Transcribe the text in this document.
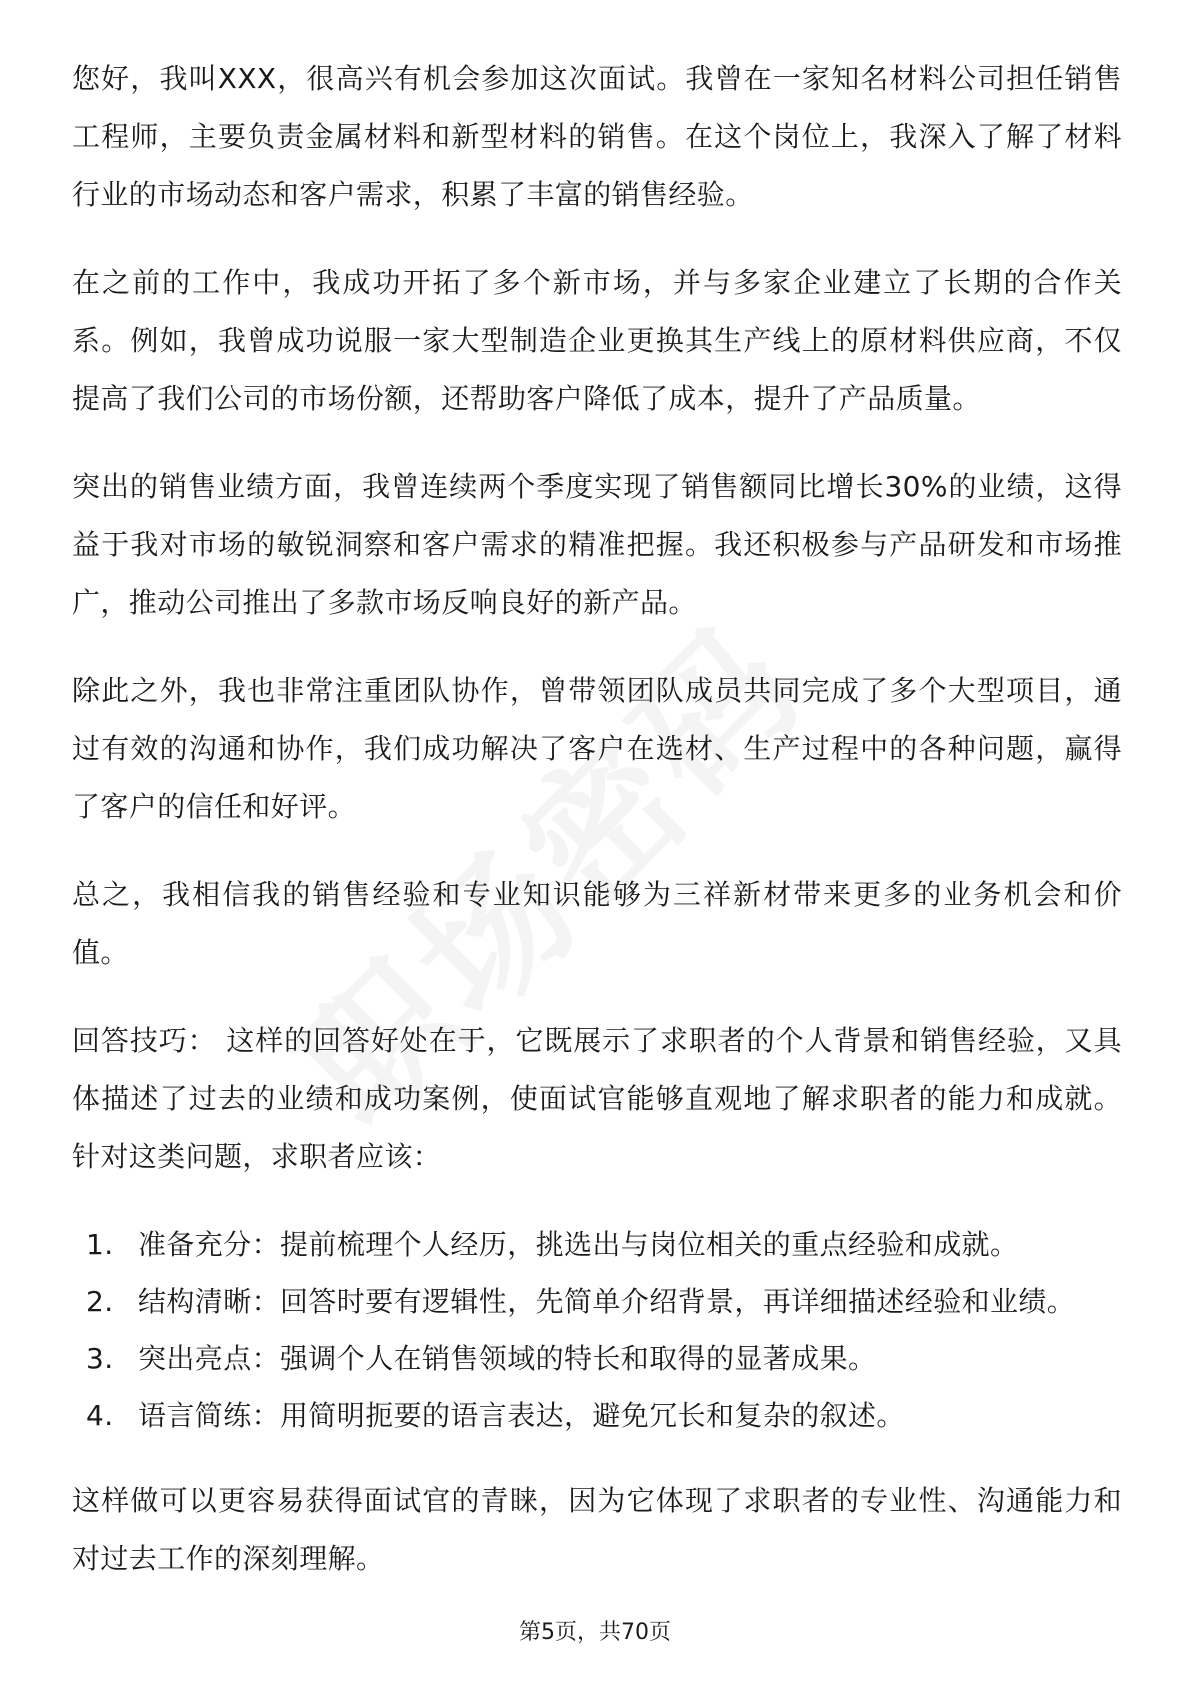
您好，我叫XXX，很高兴有机会参加这次面试。我曾在一家知名材料公司担任销售工程师，主要负责金属材料和新型材料的销售。在这个岗位上，我深入了解了材料行业的市场动态和客户需求，积累了丰富的销售经验。

在之前的工作中，我成功开拓了多个新市场，并与多家企业建立了长期的合作关系。例如，我曾成功说服一家大型制造企业更换其生产线上的原材料供应商，不仅提高了我们公司的市场份额，还帮助客户降低了成本，提升了产品质量。

突出的销售业绩方面，我曾连续两个季度实现了销售额同比增长30%的业绩，这得益于我对市场的敏锐洞察和客户需求的精准把握。我还积极参与产品研发和市场推广，推动公司推出了多款市场反响良好的新产品。

除此之外，我也非常注重团队协作，曾带领团队成员共同完成了多个大型项目，通过有效的沟通和协作，我们成功解决了客户在选材、生产过程中的各种问题，赢得了客户的信任和好评。

总之，我相信我的销售经验和专业知识能够为三祥新材带来更多的业务机会和价值。

回答技巧： 这样的回答好处在于，它既展示了求职者的个人背景和销售经验，又具体描述了过去的业绩和成功案例，使面试官能够直观地了解求职者的能力和成就。针对这类问题，求职者应该：

1. 准备充分：提前梳理个人经历，挑选出与岗位相关的重点经验和成就。
2. 结构清晰：回答时要有逻辑性，先简单介绍背景，再详细描述经验和业绩。
3. 突出亮点：强调个人在销售领域的特长和取得的显著成果。
4. 语言简练：用简明扼要的语言表达，避免冗长和复杂的叙述。

这样做可以更容易获得面试官的青睐，因为它体现了求职者的专业性、沟通能力和对过去工作的深刻理解。

第5页，共70页
